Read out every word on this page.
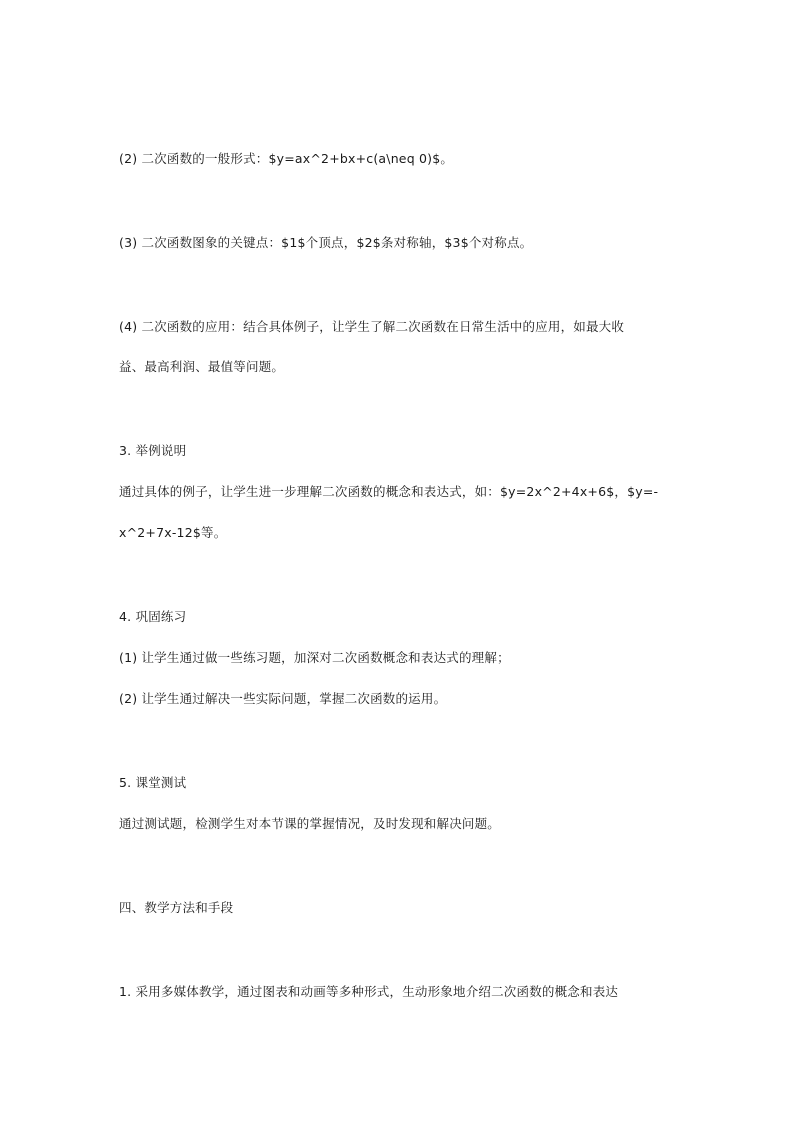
(2) 二次函数的一般形式：$y=ax^2+bx+c(a\neq 0)$。
(3) 二次函数图象的关键点：$1$个顶点，$2$条对称轴，$3$个对称点。
(4) 二次函数的应用：结合具体例子，让学生了解二次函数在日常生活中的应用，如最大收
益、最高利润、最值等问题。
3. 举例说明
通过具体的例子，让学生进一步理解二次函数的概念和表达式，如：$y=2x^2+4x+6$，$y=-
x^2+7x-12$等。
4. 巩固练习
(1) 让学生通过做一些练习题，加深对二次函数概念和表达式的理解；
(2) 让学生通过解决一些实际问题，掌握二次函数的运用。
5. 课堂测试
通过测试题，检测学生对本节课的掌握情况，及时发现和解决问题。
四、教学方法和手段
1. 采用多媒体教学，通过图表和动画等多种形式，生动形象地介绍二次函数的概念和表达
